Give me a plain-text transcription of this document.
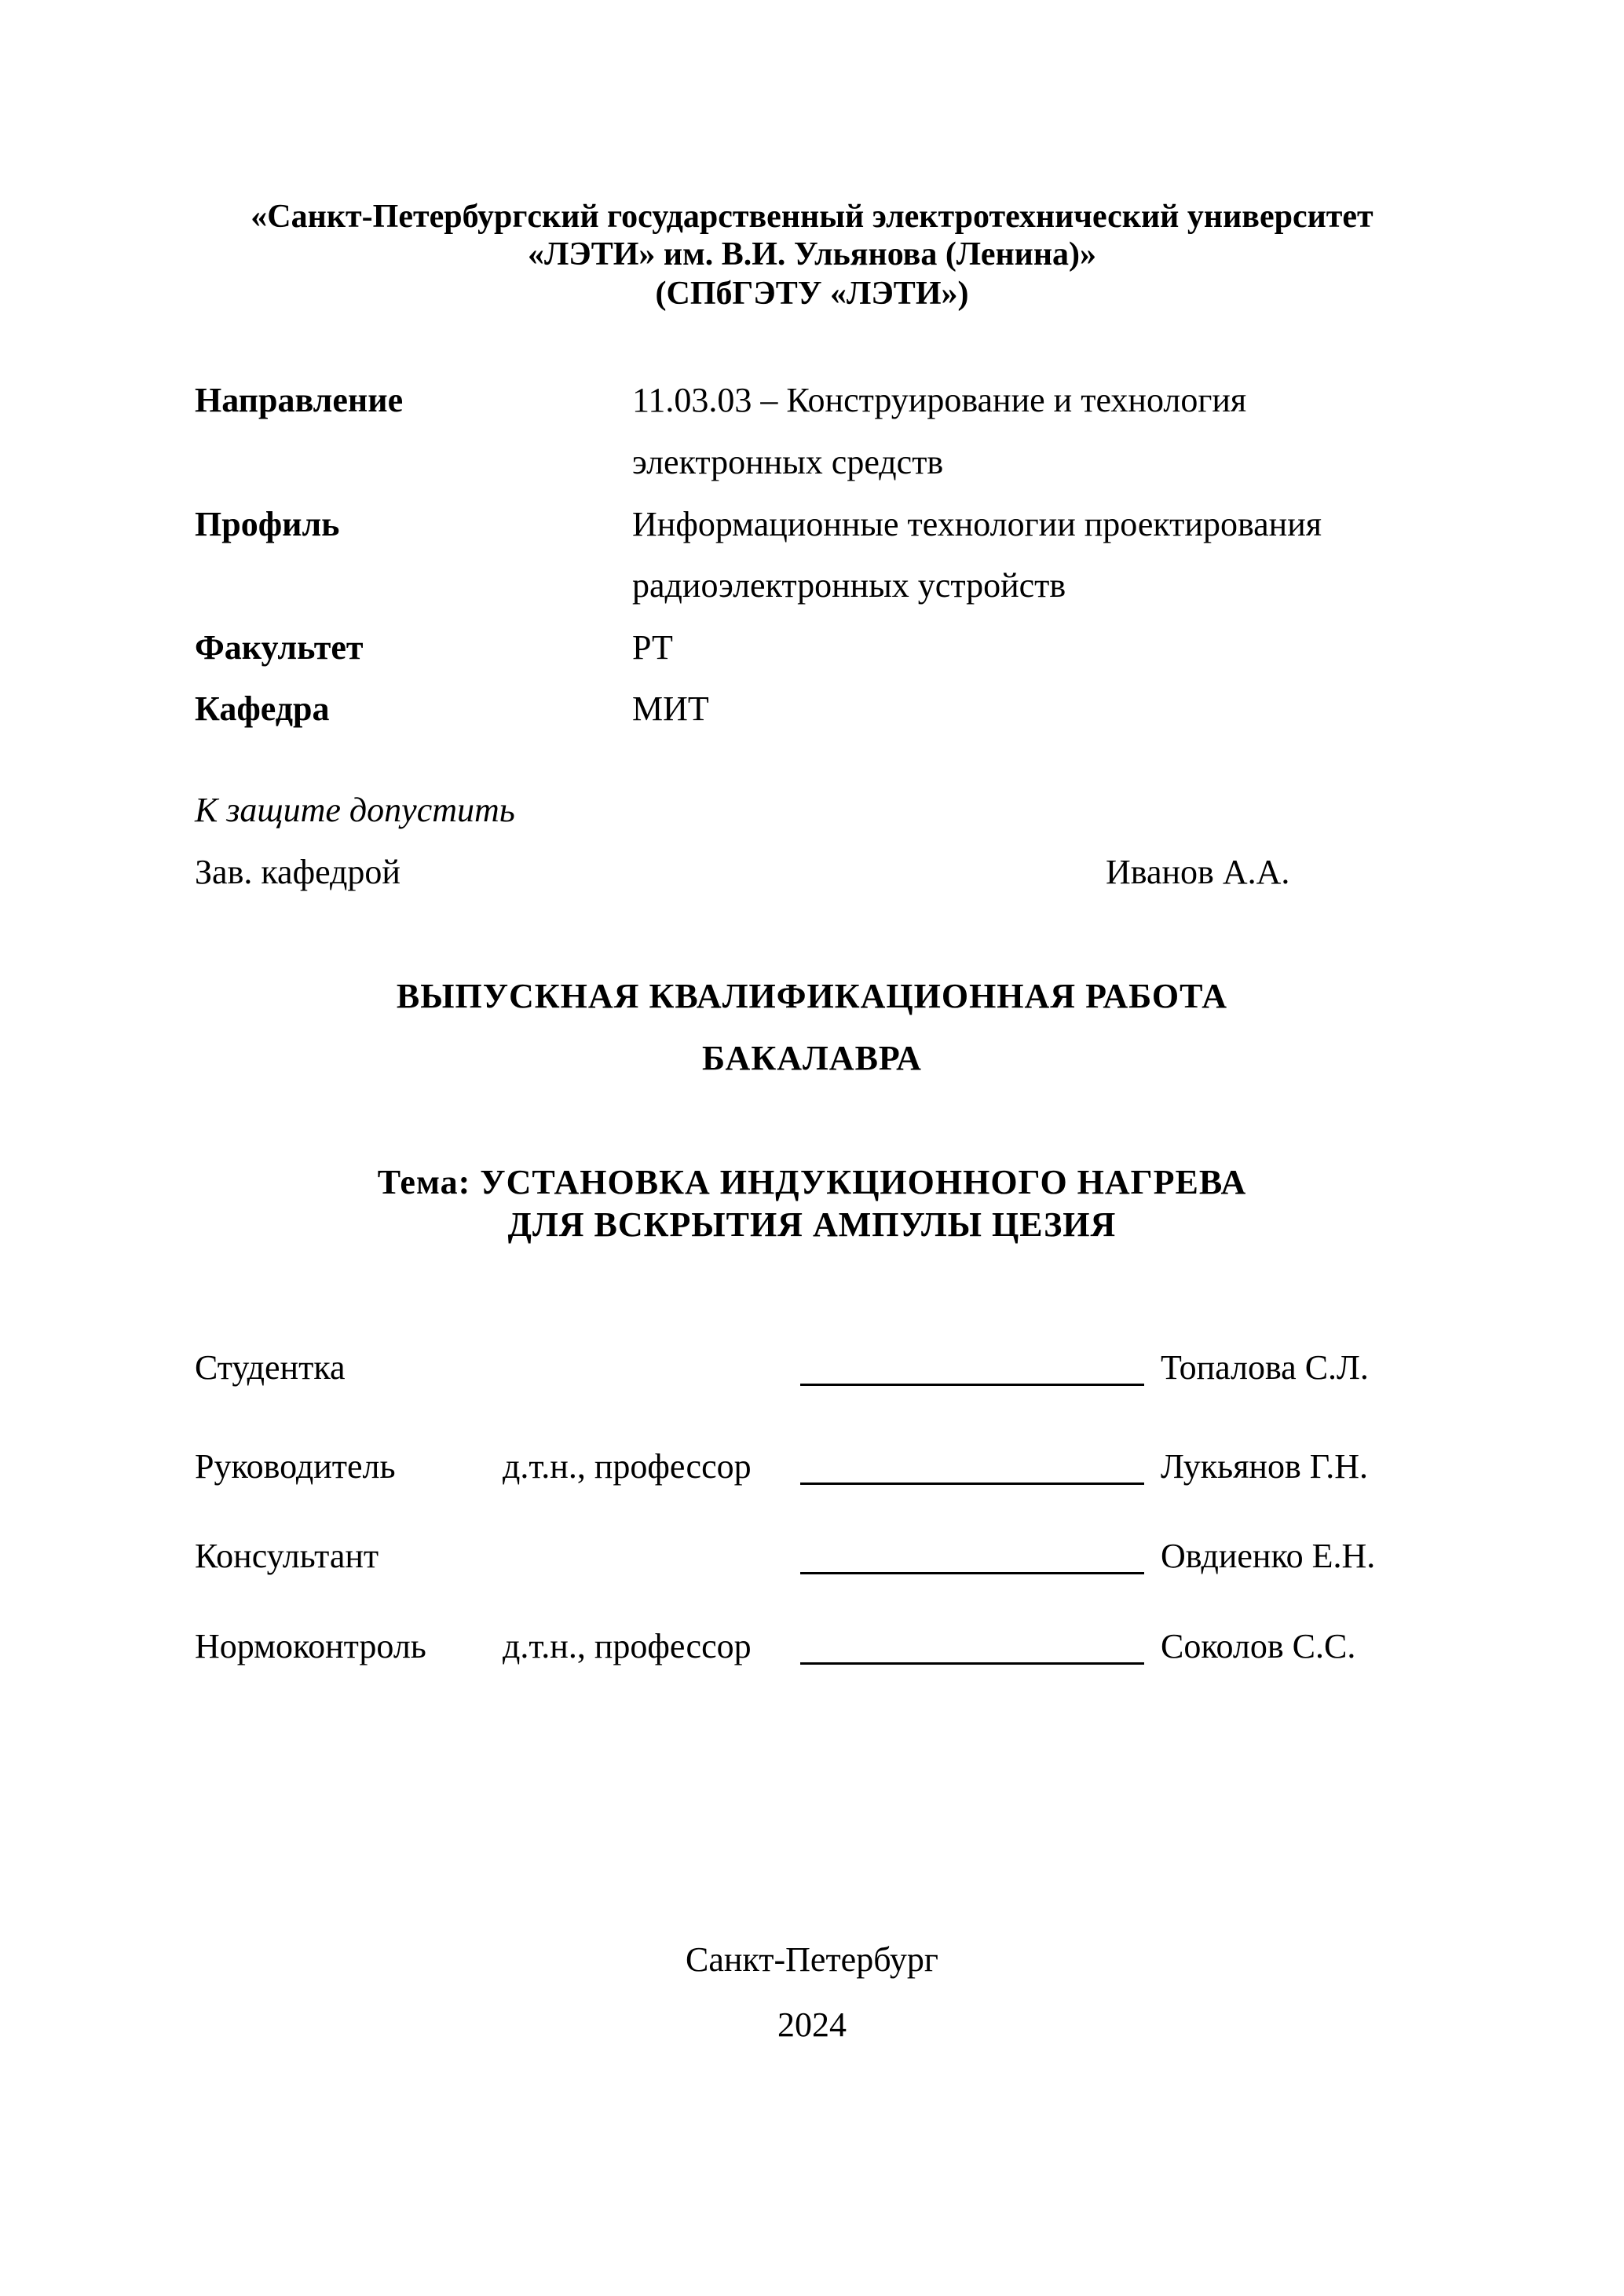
«Санкт-Петербургский государственный электротехнический университет
«ЛЭТИ» им. В.И. Ульянова (Ленина)»
(СПбГЭТУ «ЛЭТИ»)
Направление	11.03.03 – Конструирование и технология
электронных средств
Профиль	Информационные технологии проектирования
радиоэлектронных устройств
Факультет	РТ
Кафедра	МИТ
К защите допустить
Зав. кафедрой	Иванов А.А.
ВЫПУСКНАЯ КВАЛИФИКАЦИОННАЯ РАБОТА
БАКАЛАВРА
Тема: УСТАНОВКА ИНДУКЦИОННОГО НАГРЕВА
ДЛЯ ВСКРЫТИЯ АМПУЛЫ ЦЕЗИЯ
Студентка	Топалова С.Л.
Руководитель	д.т.н., профессор	Лукьянов Г.Н.
Консультант	Овдиенко Е.Н.
Нормоконтроль д.т.н., профессор	Соколов С.С.
Санкт-Петербург
2024
